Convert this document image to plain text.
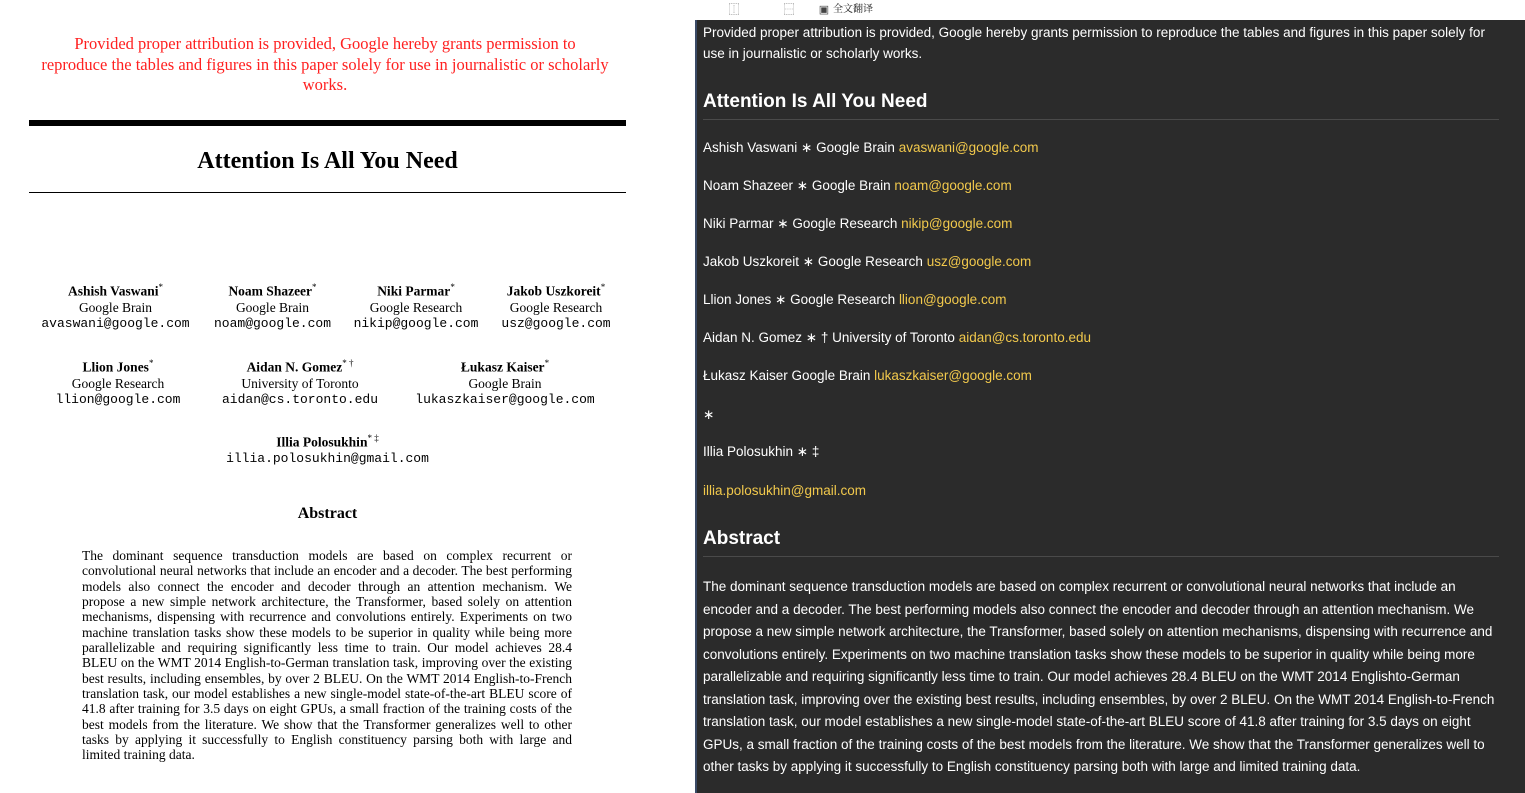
Provided proper attribution is provided, Google hereby grants permission to reproduce the tables and figures in this paper solely for use in journalistic or scholarly works.
Attention Is All You Need
Ashish Vaswani*
Google Brain
avaswani@google.com
Noam Shazeer*
Google Brain
noam@google.com
Niki Parmar*
Google Research
nikip@google.com
Jakob Uszkoreit*
Google Research
usz@google.com
Llion Jones*
Google Research
llion@google.com
Aidan N. Gomez* †
University of Toronto
aidan@cs.toronto.edu
Łukasz Kaiser*
Google Brain
lukaszkaiser@google.com
Illia Polosukhin* ‡
illia.polosukhin@gmail.com
Abstract
The dominant sequence transduction models are based on complex recurrent or convolutional neural networks that include an encoder and a decoder. The best performing models also connect the encoder and decoder through an attention mechanism. We propose a new simple network architecture, the Transformer, based solely on attention mechanisms, dispensing with recurrence and convolutions entirely. Experiments on two machine translation tasks show these models to be superior in quality while being more parallelizable and requiring significantly less time to train. Our model achieves 28.4 BLEU on the WMT 2014 English-to-German translation task, improving over the existing best results, including ensembles, by over 2 BLEU. On the WMT 2014 English-to-French translation task, our model establishes a new single-model state-of-the-art BLEU score of 41.8 after training for 3.5 days on eight GPUs, a small fraction of the training costs of the best models from the literature. We show that the Transformer generalizes well to other tasks by applying it successfully to English constituency parsing both with large and limited training data.
⿰	⿱	▣ 全文翻译
Provided proper attribution is provided, Google hereby grants permission to reproduce the tables and figures in this paper solely for use in journalistic or scholarly works.
Attention Is All You Need
Ashish Vaswani ∗ Google Brain avaswani@google.com
Noam Shazeer ∗ Google Brain noam@google.com
Niki Parmar ∗ Google Research nikip@google.com
Jakob Uszkoreit ∗ Google Research usz@google.com
Llion Jones ∗ Google Research llion@google.com
Aidan N. Gomez ∗ † University of Toronto aidan@cs.toronto.edu
Łukasz Kaiser Google Brain lukaszkaiser@google.com
∗
Illia Polosukhin ∗ ‡
illia.polosukhin@gmail.com
Abstract
The dominant sequence transduction models are based on complex recurrent or convolutional neural networks that include an encoder and a decoder. The best performing models also connect the encoder and decoder through an attention mechanism. We propose a new simple network architecture, the Transformer, based solely on attention mechanisms, dispensing with recurrence and convolutions entirely. Experiments on two machine translation tasks show these models to be superior in quality while being more parallelizable and requiring significantly less time to train. Our model achieves 28.4 BLEU on the WMT 2014 Englishto-German translation task, improving over the existing best results, including ensembles, by over 2 BLEU. On the WMT 2014 English-to-French translation task, our model establishes a new single-model state-of-the-art BLEU score of 41.8 after training for 3.5 days on eight GPUs, a small fraction of the training costs of the best models from the literature. We show that the Transformer generalizes well to other tasks by applying it successfully to English constituency parsing both with large and limited training data.
